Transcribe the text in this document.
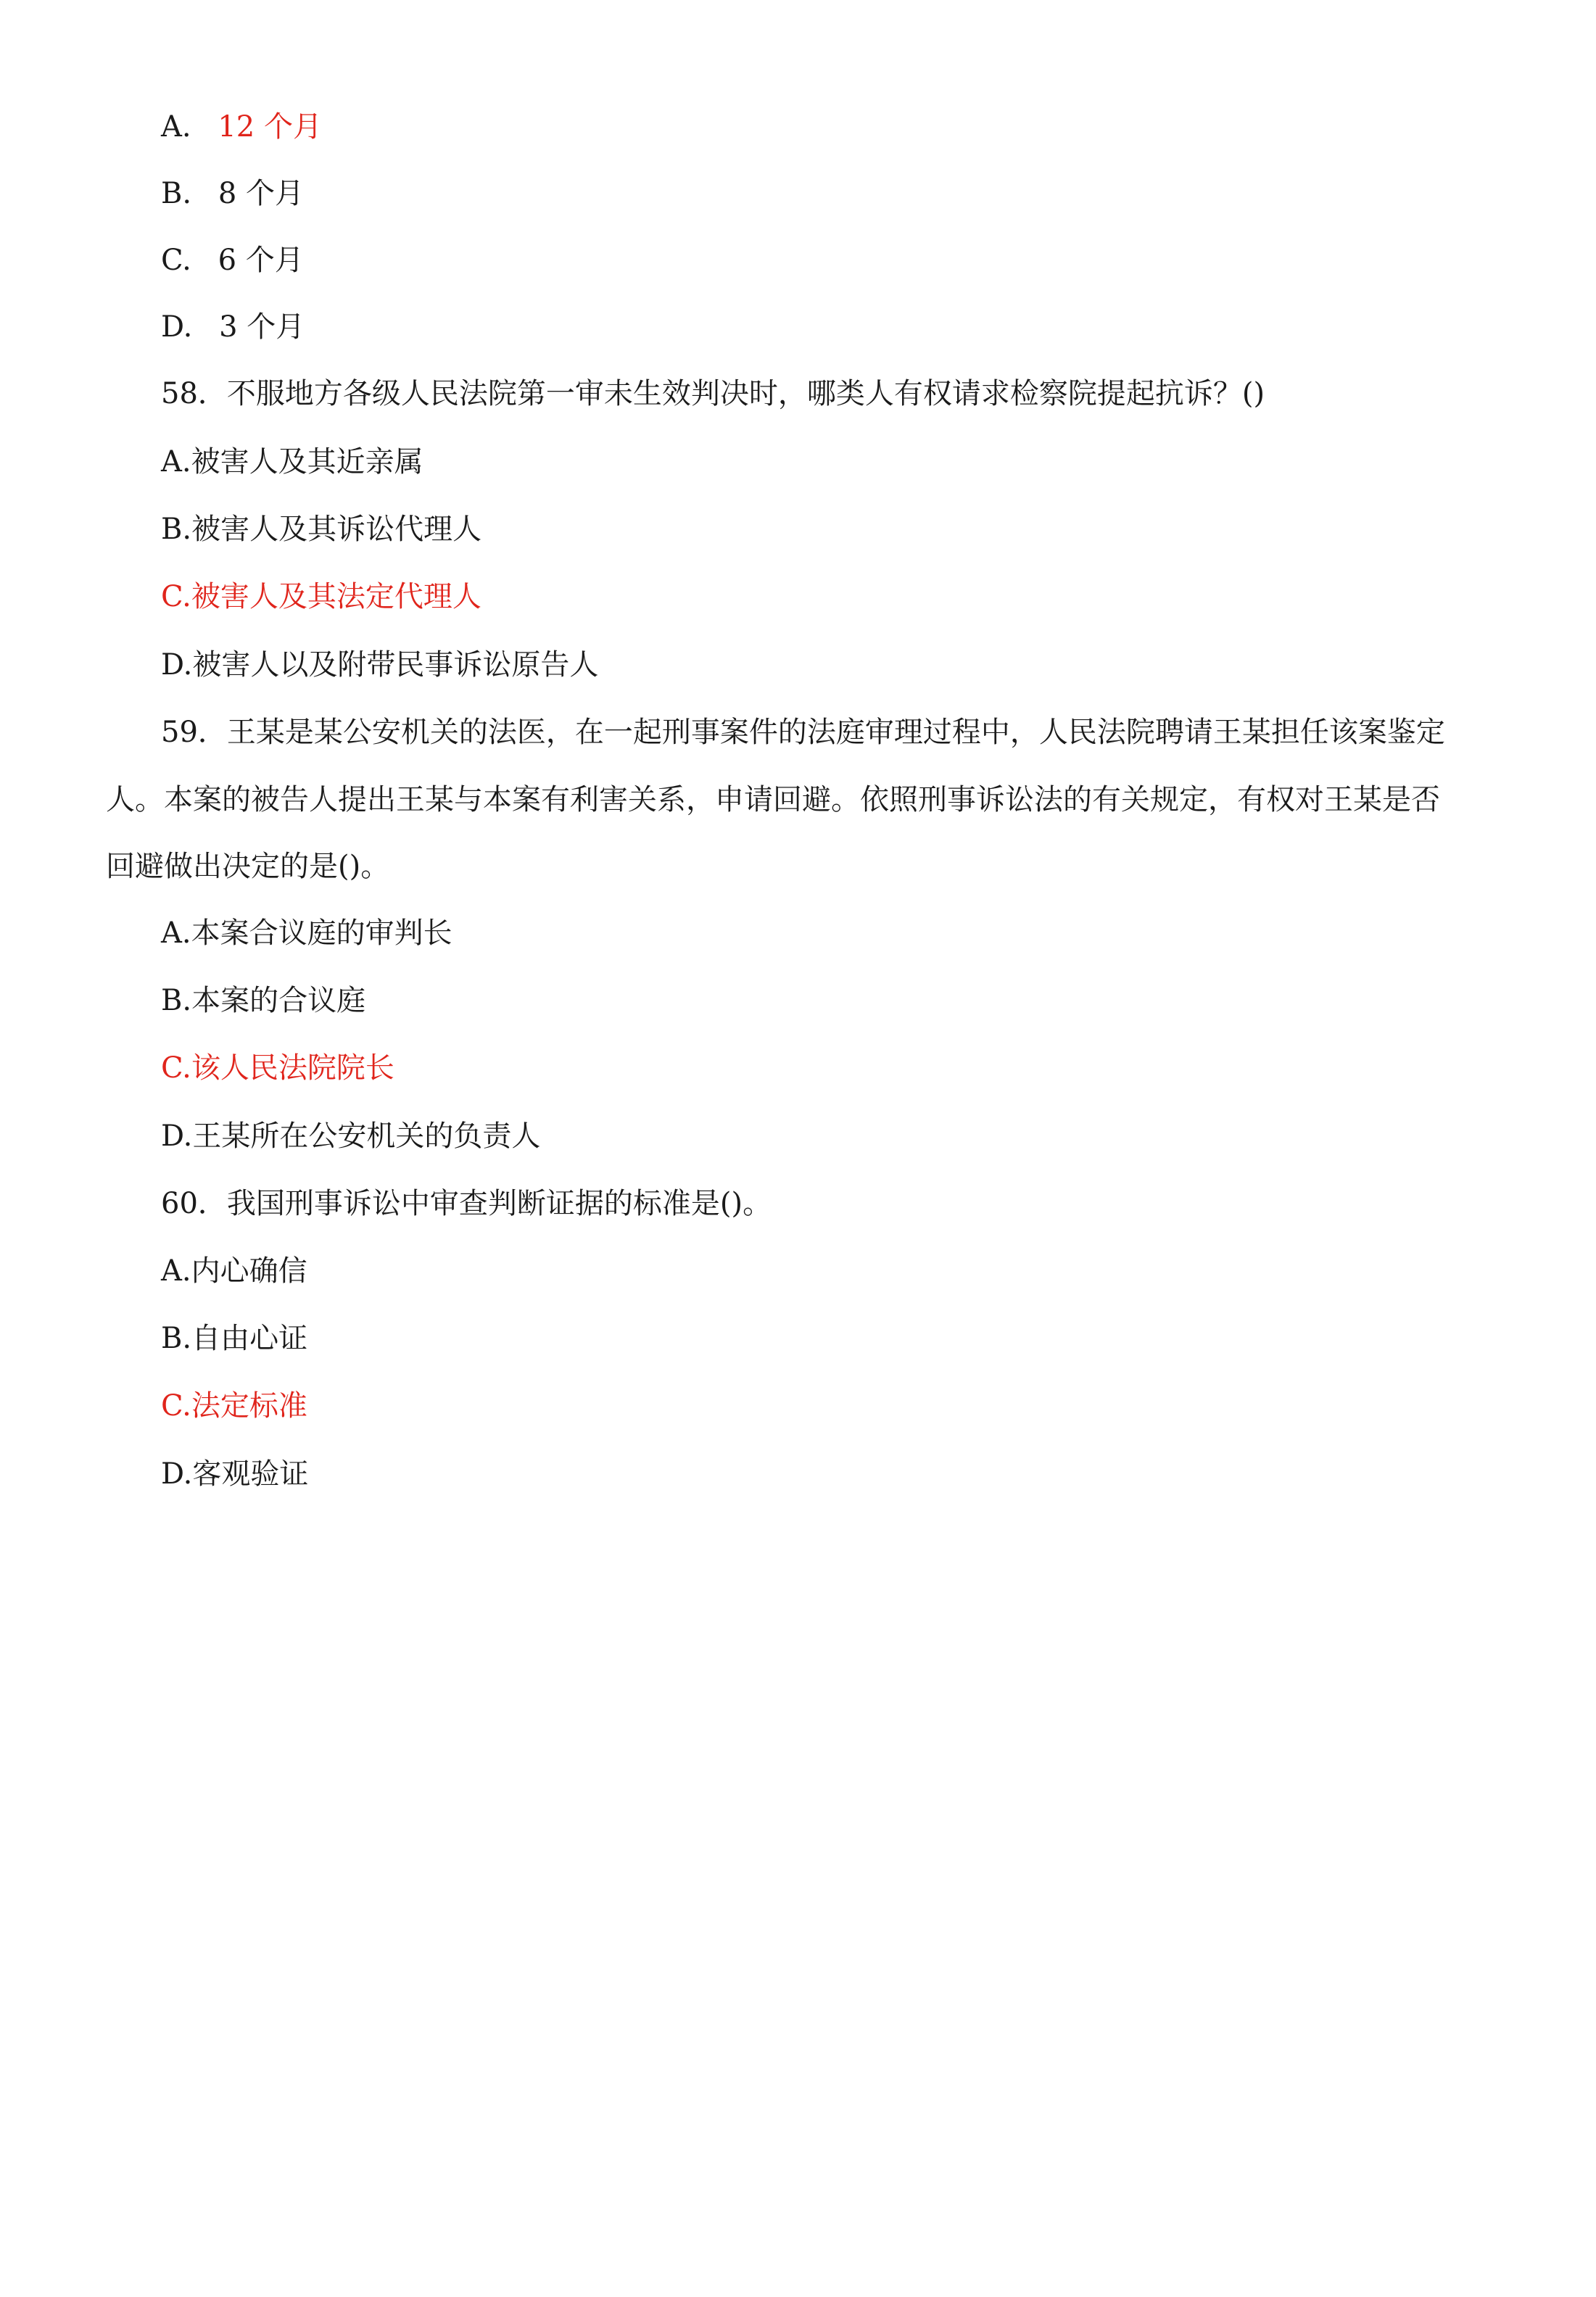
A. 12 个月
B. 8 个月
C. 6 个月
D. 3 个月
58．不服地方各级人民法院第一审未生效判决时，哪类人有权请求检察院提起抗诉？()
A.被害人及其近亲属
B.被害人及其诉讼代理人
C.被害人及其法定代理人
D.被害人以及附带民事诉讼原告人
59．王某是某公安机关的法医，在一起刑事案件的法庭审理过程中，人民法院聘请王某担任该案鉴定
人。本案的被告人提出王某与本案有利害关系，申请回避。依照刑事诉讼法的有关规定，有权对王某是否
回避做出决定的是()。
A.本案合议庭的审判长
B.本案的合议庭
C.该人民法院院长
D.王某所在公安机关的负责人
60．我国刑事诉讼中审查判断证据的标准是()。
A.内心确信
B.自由心证
C.法定标准
D.客观验证
